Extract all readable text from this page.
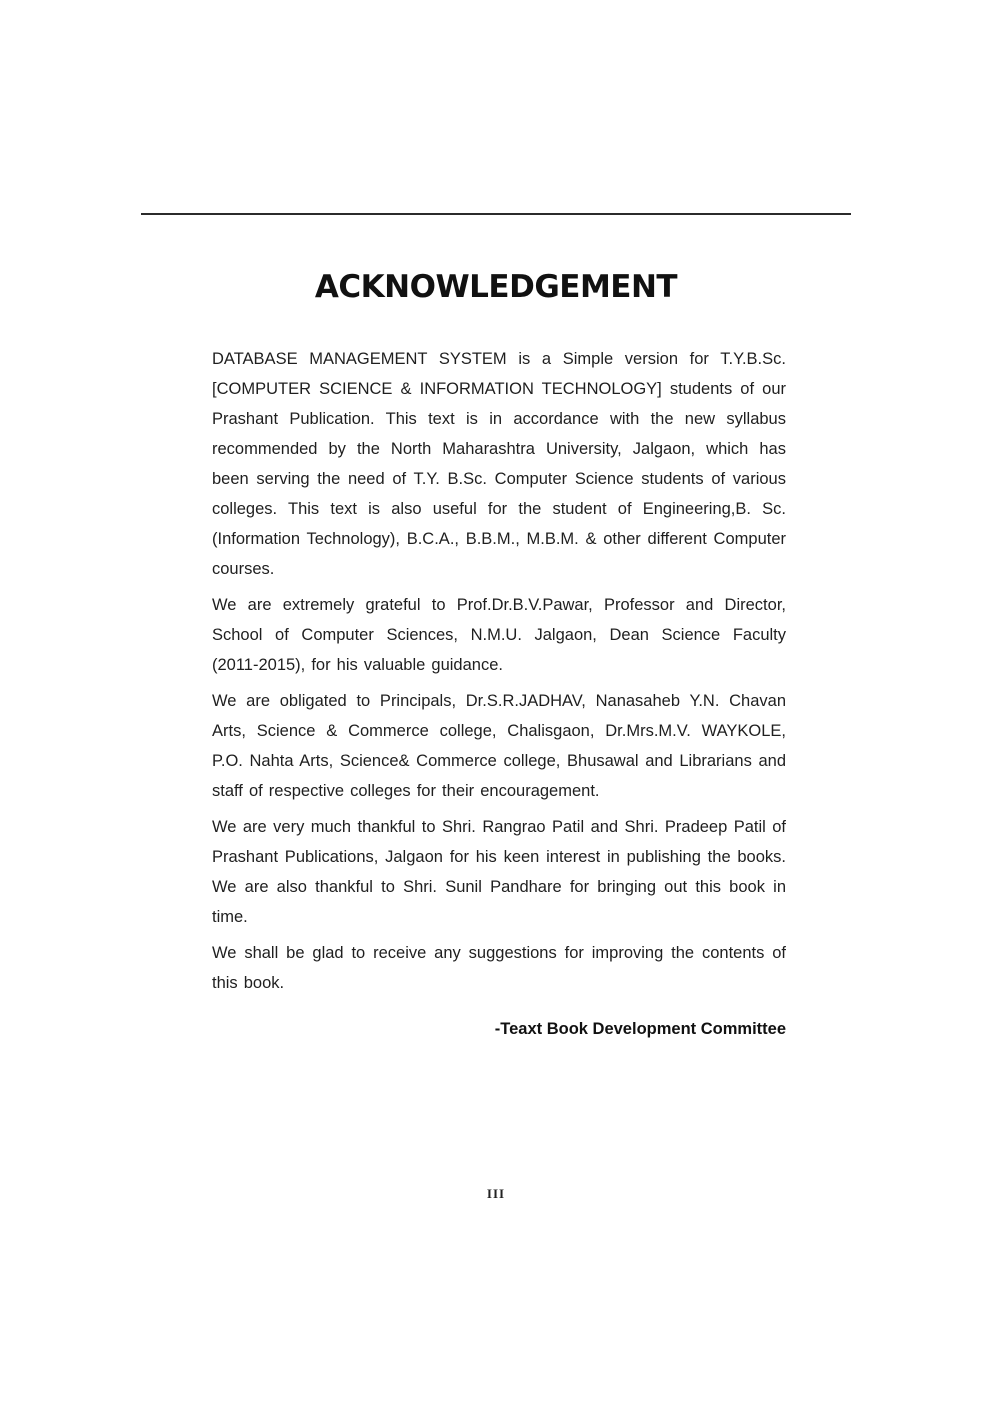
ACKNOWLEDGEMENT

DATABASE MANAGEMENT SYSTEM is a Simple version for T.Y.B.Sc. [COMPUTER SCIENCE & INFORMATION TECHNOLOGY] students of our Prashant Publication. This text is in accordance with the new syllabus recommended by the North Maharashtra University, Jalgaon, which has been serving the need of T.Y. B.Sc. Computer Science students of various colleges. This text is also useful for the student of Engineering,B. Sc.(Information Technology), B.C.A., B.B.M., M.B.M. & other different Computer courses.

We are extremely grateful to Prof.Dr.B.V.Pawar, Professor and Director, School of Computer Sciences, N.M.U. Jalgaon, Dean Science Faculty (2011-2015), for his valuable guidance.

We are obligated to Principals, Dr.S.R.JADHAV, Nanasaheb Y.N. Chavan Arts, Science & Commerce college, Chalisgaon, Dr.Mrs.M.V. WAYKOLE, P.O. Nahta Arts, Science& Commerce college, Bhusawal and Librarians and staff of respective colleges for their encouragement.

We are very much thankful to Shri. Rangrao Patil and Shri. Pradeep Patil of Prashant Publications, Jalgaon for his keen interest in publishing the books. We are also thankful to Shri. Sunil Pandhare for bringing out this book in time.

We shall be glad to receive any suggestions for improving the contents of this book.

-Teaxt Book Development Committee
III
